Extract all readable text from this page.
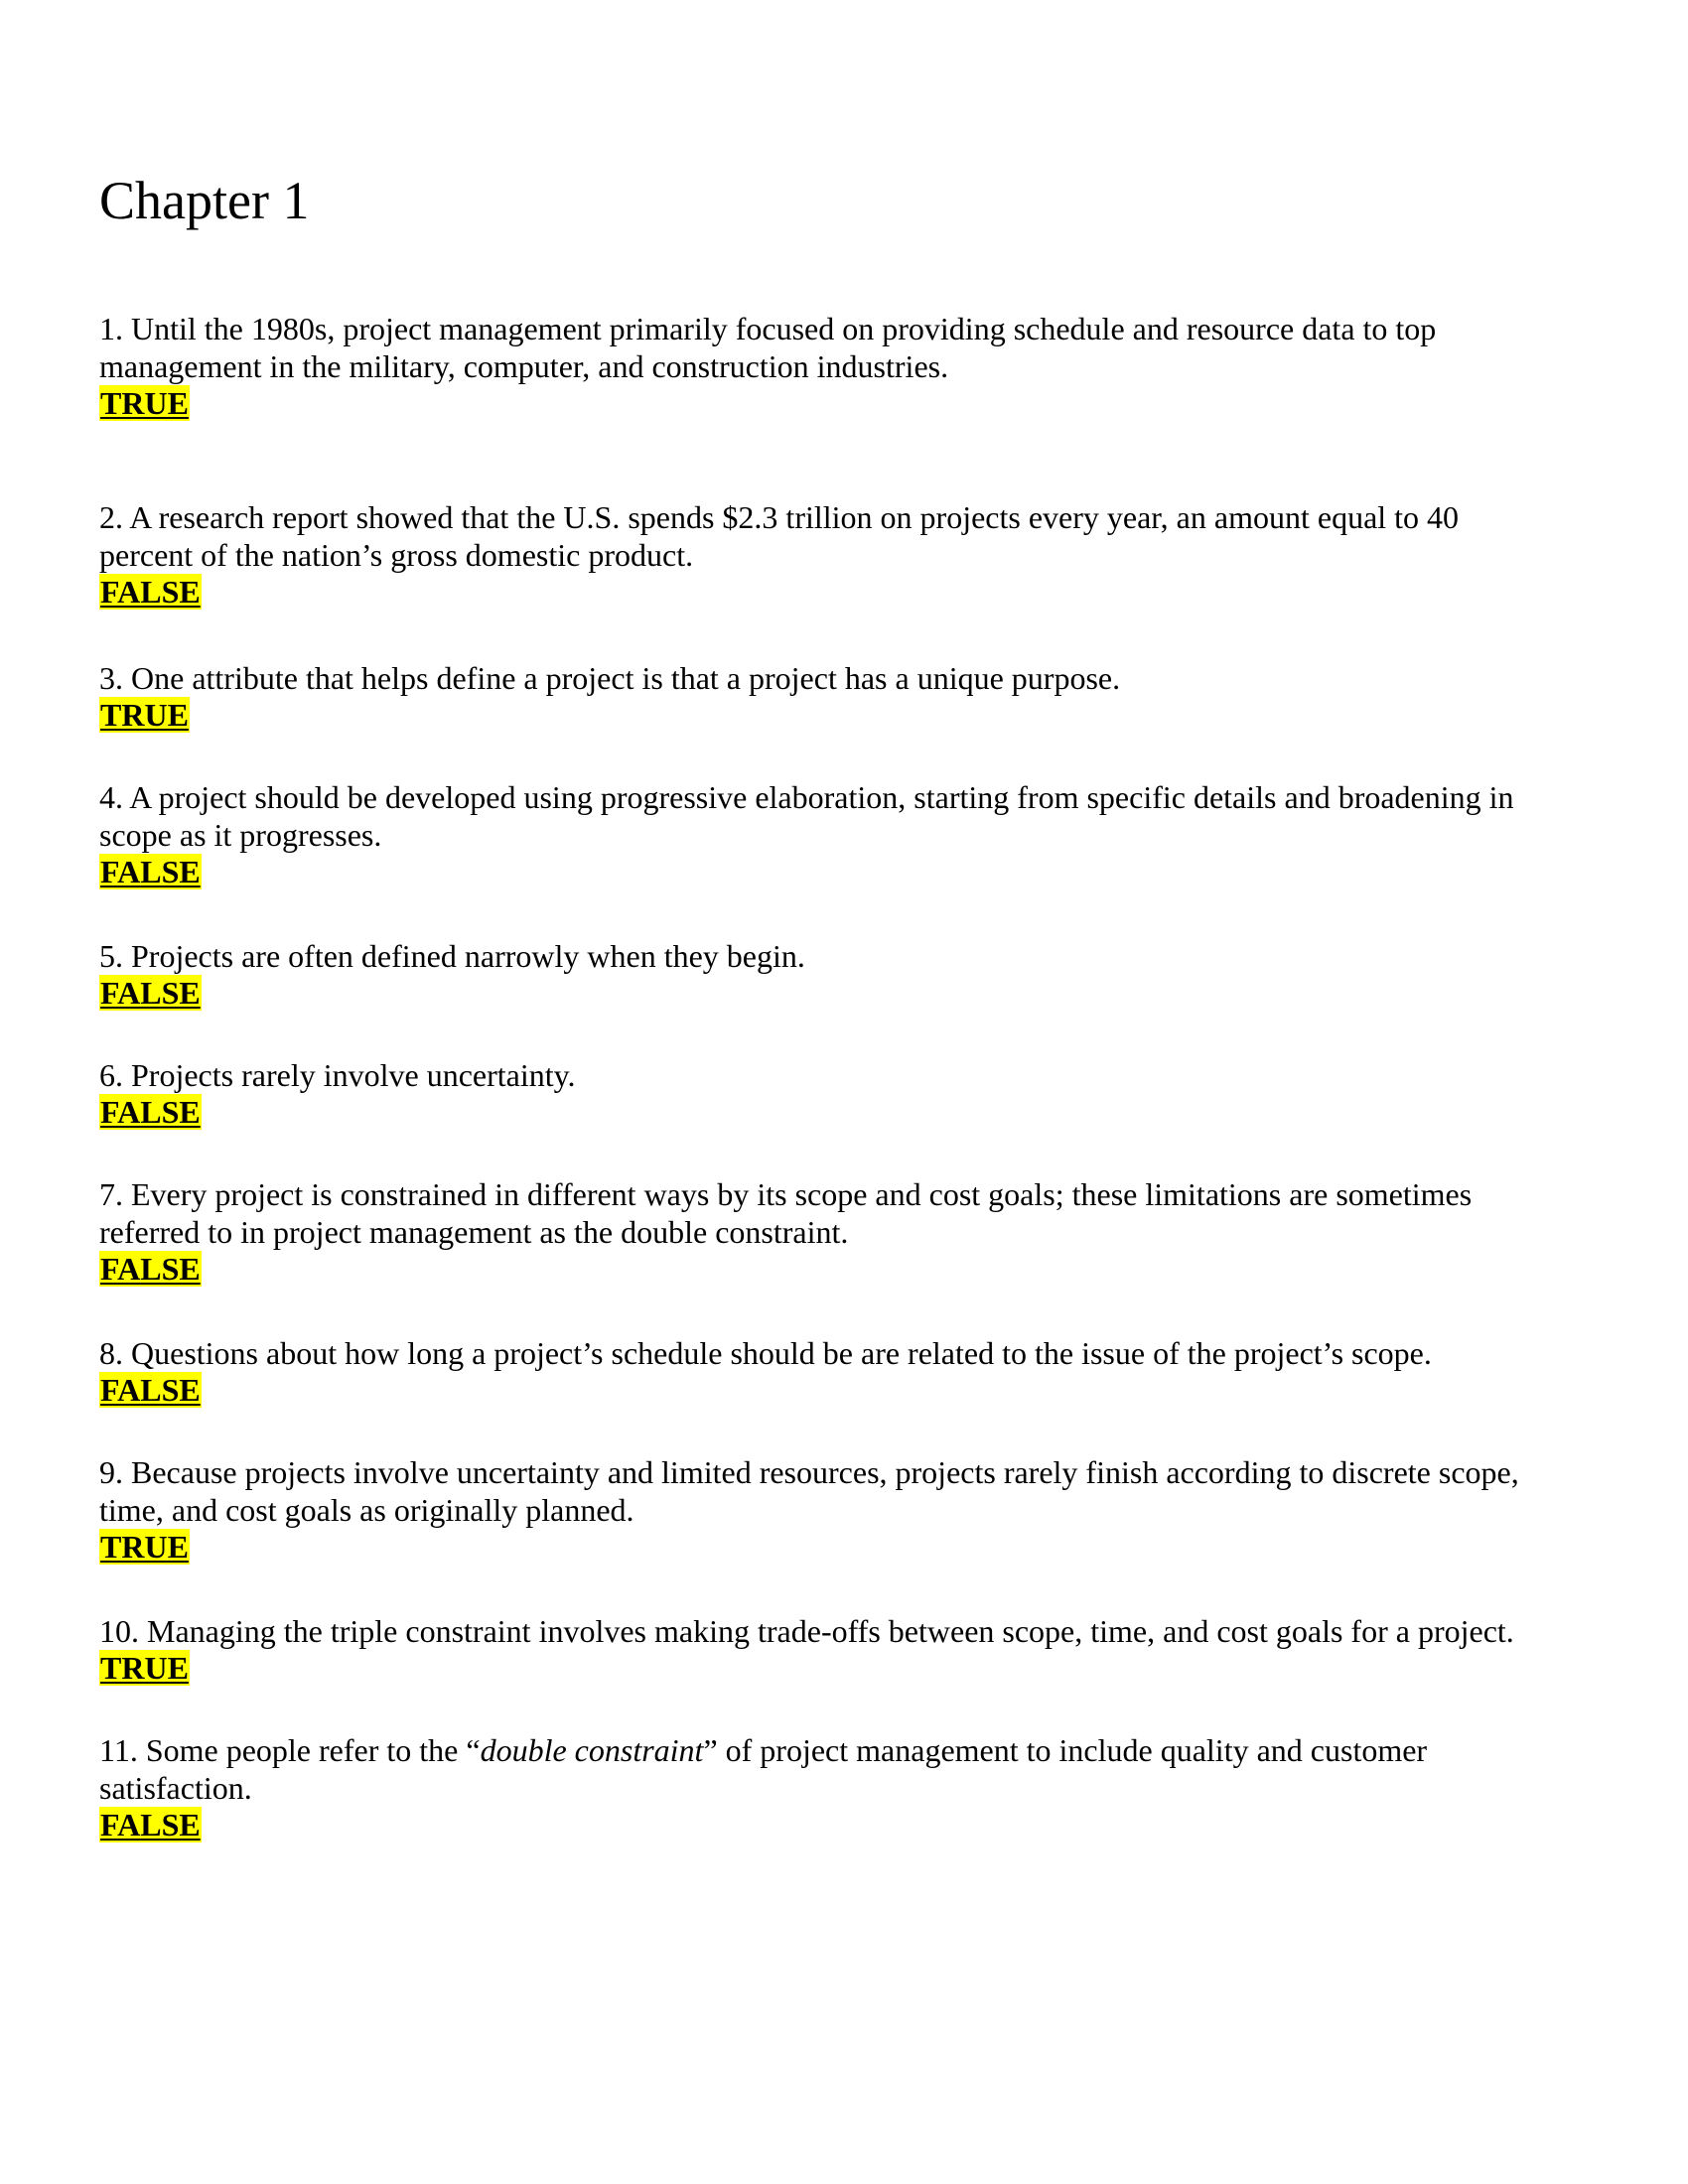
Chapter 1

1. Until the 1980s, project management primarily focused on providing schedule and resource data to top management in the military, computer, and construction industries.

TRUE

2. A research report showed that the U.S. spends $2.3 trillion on projects every year, an amount equal to 40 percent of the nation’s gross domestic product.

FALSE

3. One attribute that helps define a project is that a project has a unique purpose.

TRUE

4. A project should be developed using progressive elaboration, starting from specific details and broadening in scope as it progresses.

FALSE

5. Projects are often defined narrowly when they begin.

FALSE

6. Projects rarely involve uncertainty.

FALSE

7. Every project is constrained in different ways by its scope and cost goals; these limitations are sometimes referred to in project management as the double constraint.

FALSE

8. Questions about how long a project’s schedule should be are related to the issue of the project’s scope.

FALSE

9. Because projects involve uncertainty and limited resources, projects rarely finish according to discrete scope, time, and cost goals as originally planned.

TRUE

10. Managing the triple constraint involves making trade-offs between scope, time, and cost goals for a project.

TRUE

11. Some people refer to the “double constraint” of project management to include quality and customer satisfaction.

FALSE
